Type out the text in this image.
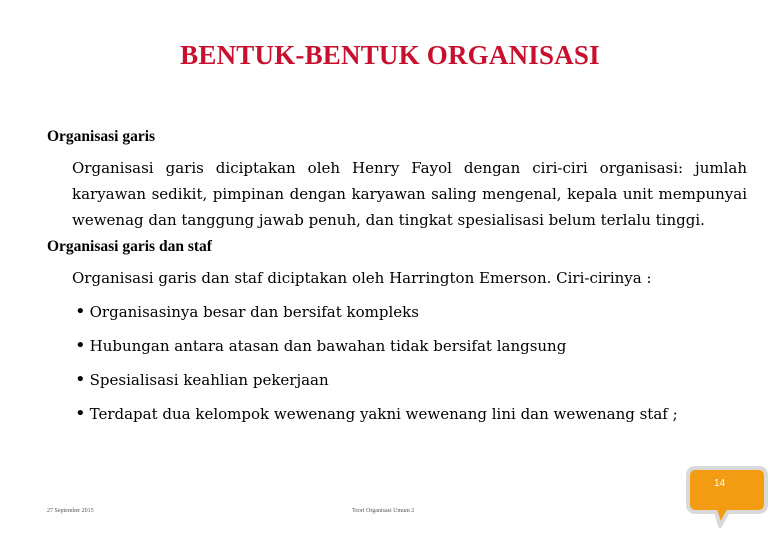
BENTUK-BENTUK ORGANISASI

Organisasi garis

Organisasi garis diciptakan oleh Henry Fayol dengan ciri-ciri organisasi: jumlah karyawan sedikit, pimpinan dengan karyawan saling mengenal, kepala unit mempunyai wewenag dan tanggung jawab penuh, dan tingkat spesialisasi belum terlalu tinggi.

Organisasi garis dan staf

Organisasi garis dan staf diciptakan oleh Harrington Emerson. Ciri-cirinya :

• Organisasinya besar dan bersifat kompleks
• Hubungan antara atasan dan bawahan tidak bersifat langsung
• Spesialisasi keahlian pekerjaan
• Terdapat dua kelompok wewenang yakni wewenang lini dan wewenang staf ;
27 September 2015	Teori Organisasi Umum 2
14
